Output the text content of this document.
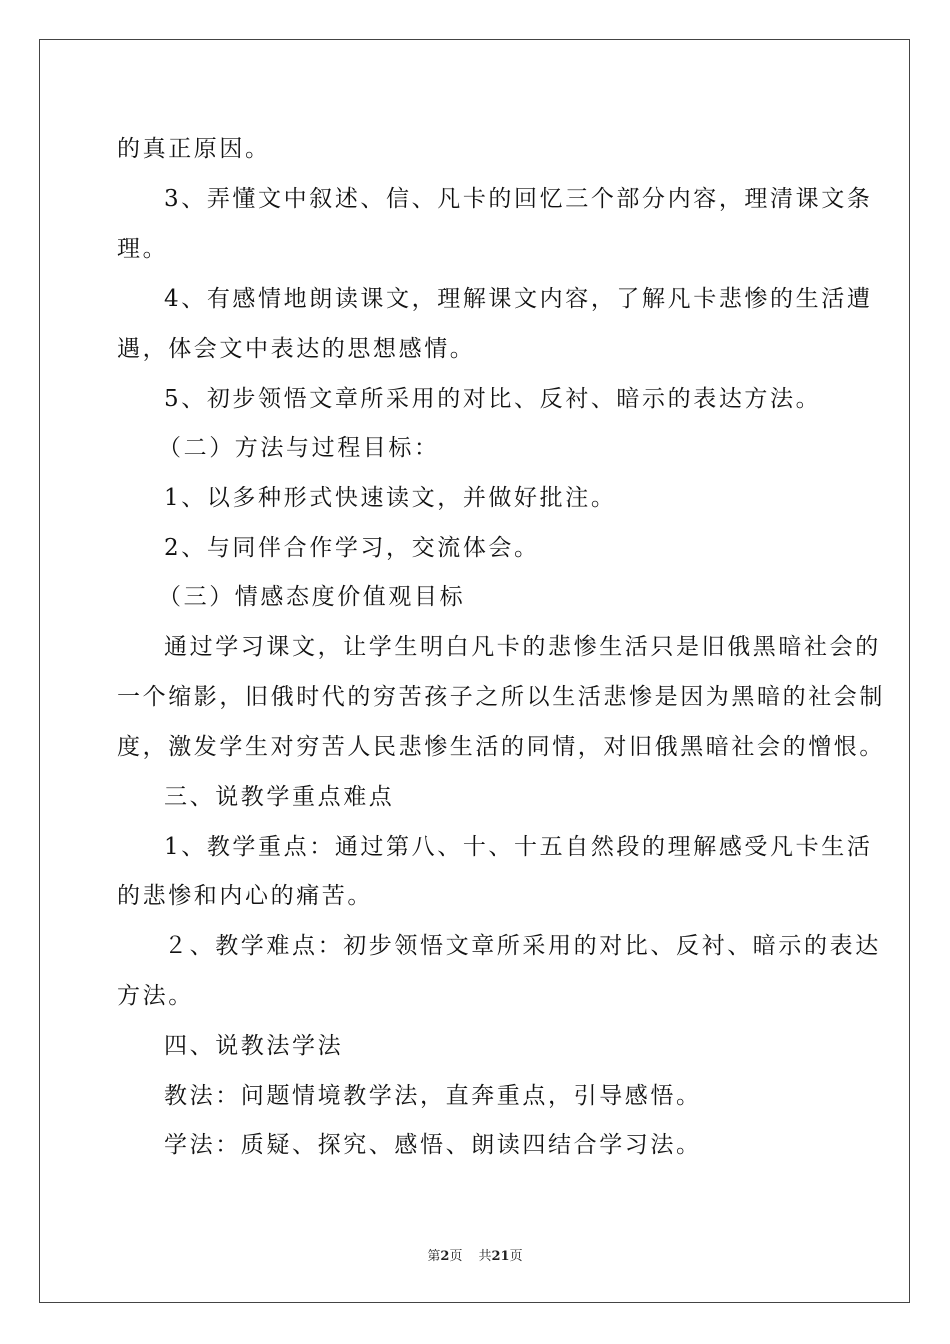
的真正原因。
3、弄懂文中叙述、信、凡卡的回忆三个部分内容，理清课文条
理。
4、有感情地朗读课文，理解课文内容，了解凡卡悲惨的生活遭
遇，体会文中表达的思想感情。
5、初步领悟文章所采用的对比、反衬、暗示的表达方法。
（二）方法与过程目标：
1、以多种形式快速读文，并做好批注。
2、与同伴合作学习，交流体会。
（三）情感态度价值观目标
通过学习课文，让学生明白凡卡的悲惨生活只是旧俄黑暗社会的
一个缩影，旧俄时代的穷苦孩子之所以生活悲惨是因为黑暗的社会制
度，激发学生对穷苦人民悲惨生活的同情，对旧俄黑暗社会的憎恨。
三、说教学重点难点
1、教学重点：通过第八、十、十五自然段的理解感受凡卡生活
的悲惨和内心的痛苦。
２、教学难点：初步领悟文章所采用的对比、反衬、暗示的表达
方法。
四、说教法学法
教法：问题情境教学法，直奔重点，引导感悟。
学法：质疑、探究、感悟、朗读四结合学习法。
第2页 共21页
